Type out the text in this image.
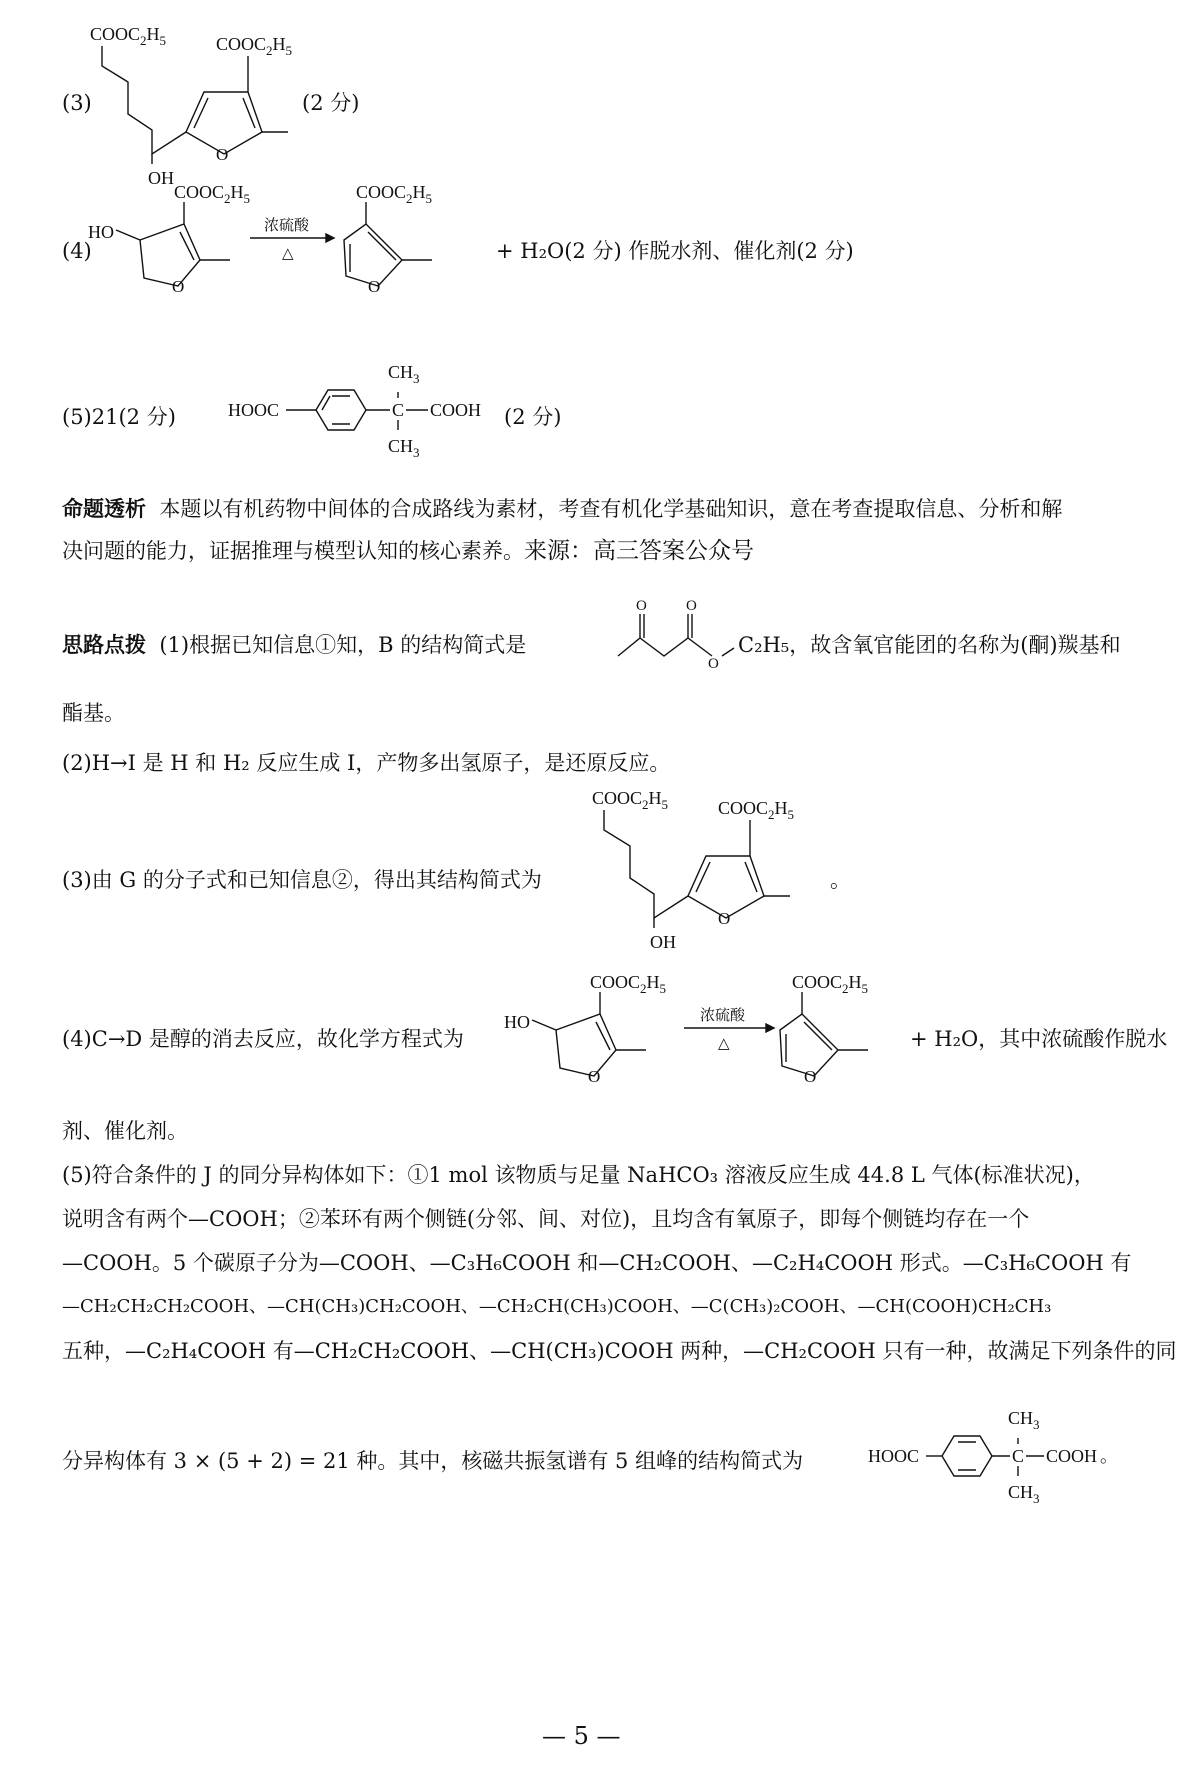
(3)
$COOC_2H_5$
OH
O
$COOC_2H_5$
(2 分)
(4)
HO
O
$COOC_2H_5$
浓硫酸
△
O
$COOC_2H_5$
+ H₂O(2 分) 作脱水剂、催化剂(2 分)
(5)21(2 分)	HOOC	C
$CH_3$
$CH_3$
COOH (2 分)
命题透析 本题以有机药物中间体的合成路线为素材，考查有机化学基础知识，意在考查提取信息、分析和解
决问题的能力，证据推理与模型认知的核心素养。来源：高三答案公众号
思路点拨 (1)根据已知信息①知，B 的结构简式是
O	O
O
C₂H₅，故含氧官能团的名称为(酮)羰基和
酯基。
(2)H→I 是 H 和 H₂ 反应生成 I，产物多出氢原子，是还原反应。
(3)由 G 的分子式和已知信息②，得出其结构简式为
$COOC_2H_5$
OH
O
$COOC_2H_5$
。
(4)C→D 是醇的消去反应，故化学方程式为
HO
O
$COOC_2H_5$
浓硫酸
△
O
$COOC_2H_5$
+ H₂O，其中浓硫酸作脱水
剂、催化剂。
(5)符合条件的 J 的同分异构体如下：①1 mol 该物质与足量 NaHCO₃ 溶液反应生成 44.8 L 气体(标准状况)，
说明含有两个—COOH；②苯环有两个侧链(分邻、间、对位)，且均含有氧原子，即每个侧链均存在一个
—COOH。5 个碳原子分为—COOH、—C₃H₆COOH 和—CH₂COOH、—C₂H₄COOH 形式。—C₃H₆COOH 有
—CH₂CH₂CH₂COOH、—CH(CH₃)CH₂COOH、—CH₂CH(CH₃)COOH、—C(CH₃)₂COOH、—CH(COOH)CH₂CH₃
五种，—C₂H₄COOH 有—CH₂CH₂COOH、—CH(CH₃)COOH 两种，—CH₂COOH 只有一种，故满足下列条件的同
分异构体有 3 × (5 + 2) = 21 种。其中，核磁共振氢谱有 5 组峰的结构简式为	HOOC	C
$CH_3$
$CH_3$
COOH 。
— 5 —
